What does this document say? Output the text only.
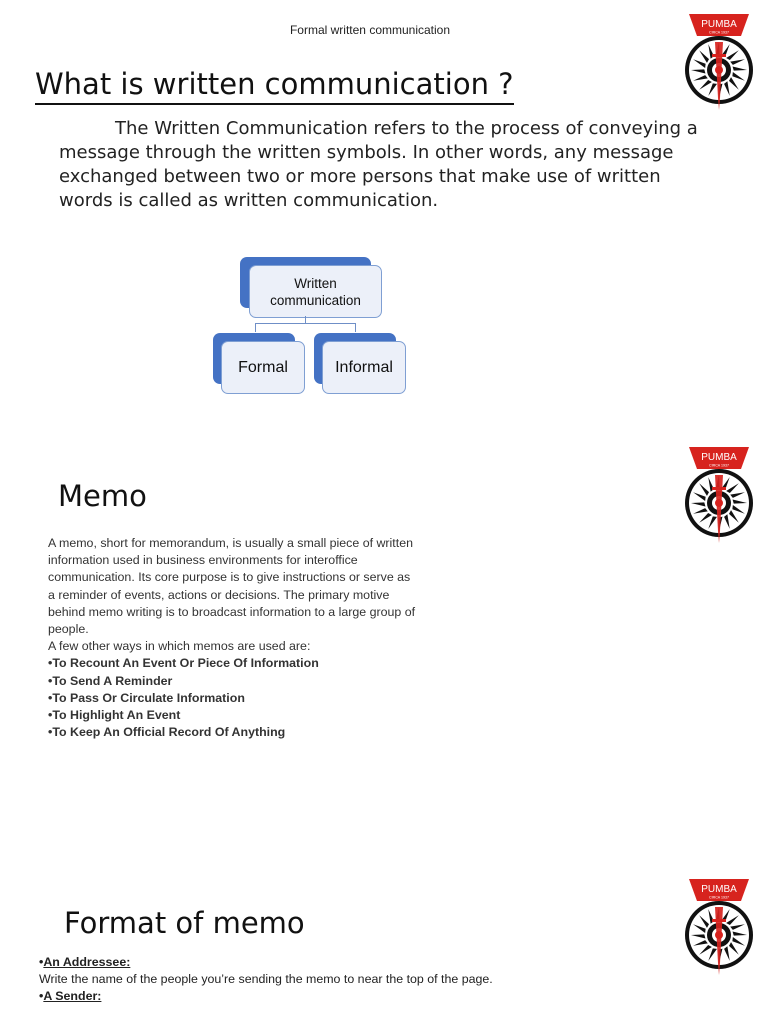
Formal written communication
What is written communication ?

The Written Communication refers to the process of conveying a message through the written symbols. In other words, any message exchanged between two or more persons that make use of written words is called as written communication.

Written communication
Formal	Informal
Memo

A memo, short for memorandum, is usually a small piece of written information used in business environments for interoffice communication. Its core purpose is to give instructions or serve as a reminder of events, actions or decisions. The primary motive behind memo writing is to broadcast information to a large group of people.

A few other ways in which memos are used are:

•To Recount An Event Or Piece Of Information
•To Send A Reminder
•To Pass Or Circulate Information
•To Highlight An Event
•To Keep An Official Record Of Anything
Format of memo

•An Addressee:

Write the name of the people you’re sending the memo to near the top of the page.

•A Sender:

PUMBA
CIRCA 1937
PUMBA
CIRCA 1937
PUMBA
CIRCA 1937
